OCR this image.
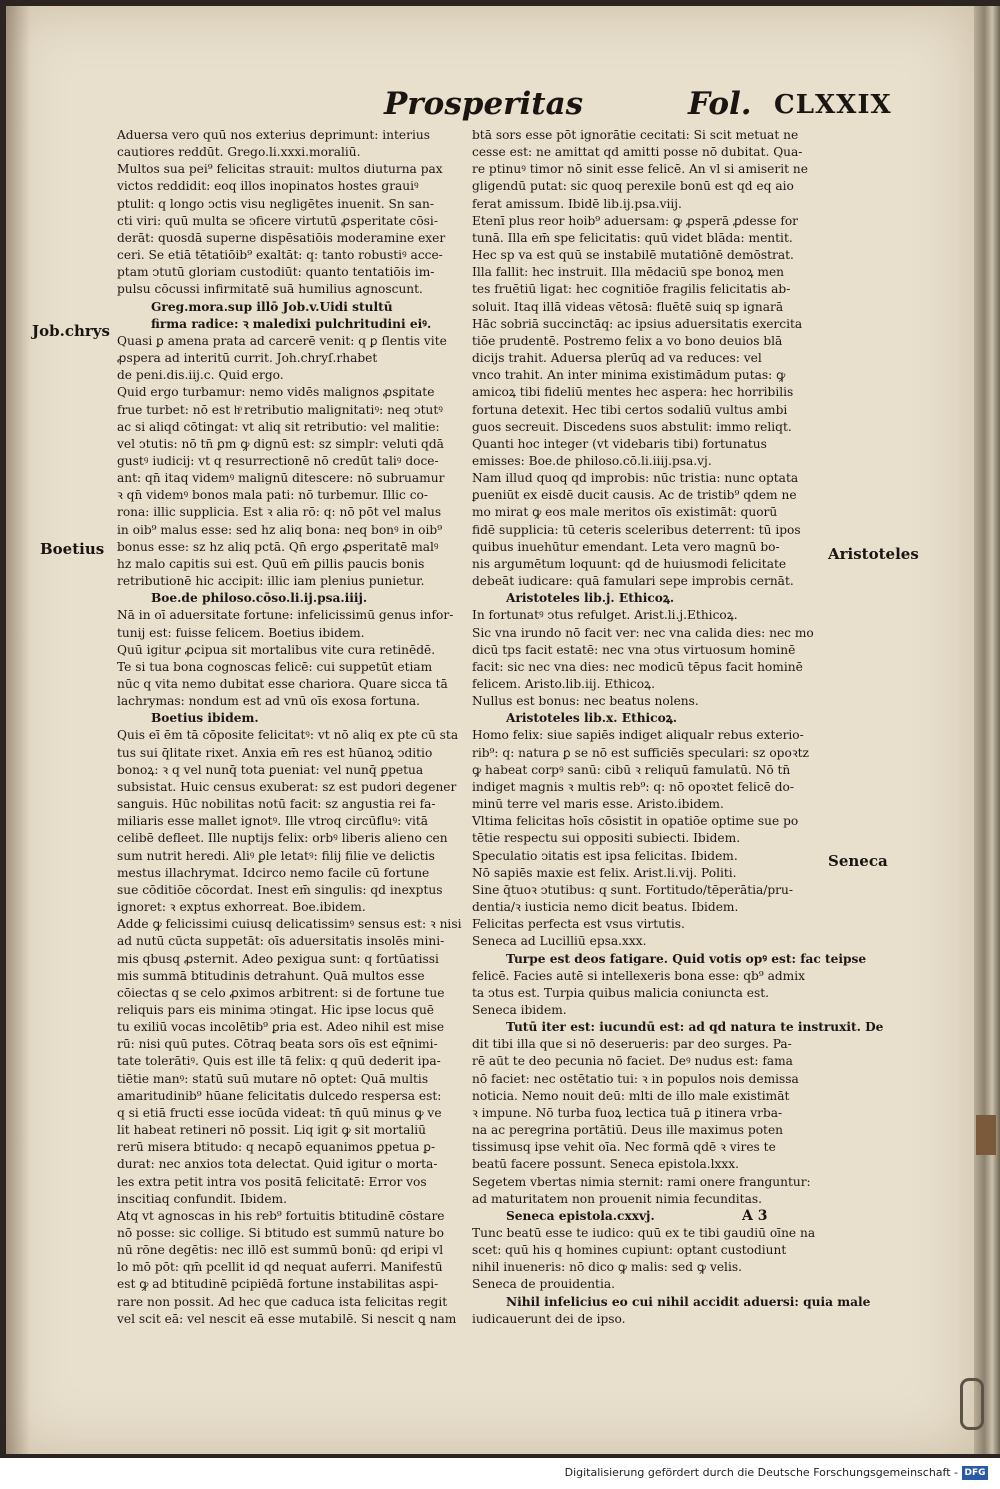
Prosperitas	Fol. CLXXIX
Job.chrys
Boetius	Aristoteles
Seneca
Aduersa vero quū nos exterius deprimunt: interius
cautiores reddūt. Grego.li.xxxi.moraliū.
Multos sua pei⁹ felicitas strauit: multos diuturna pax
victos reddidit: eoq illos inopinatos hostes grauiꝰ
ptulit: q longo ↄctis visu negligētes inuenit. Sn san-
cti viri: quū multa se ↄficere virtutū ꝓsperitate cōsi-
derāt: quosdā superne dispēsatiōis moderamine exer
ceri. Se etiā tētatiōib⁹ exaltāt: q: tanto robustiꝰ acce-
ptam ↄtutū gloriam custodiūt: quanto tentatiōis im-
pulsu cōcussi infirmitatē suā humilius agnoscunt.
Greg.mora.sup illō Job.v.Uidi stultū
firma radice: ꝛ maledixi pulchritudini eiꝰ.
Quasi ꝑ amena prata ad carcerē venit: q ꝑ ſlentis vite
ꝓspera ad interitū currit. Joh.chryſ.rhabet
de peni.dis.iij.c. Quid ergo.
Quid ergo turbamur: nemo vidēs malignos ꝓsꝑitate
frue turbet: nō est hͦ retributio malignitatiꝰ: neq ↄtutꝰ
ac si aliqd cōtingat: vt aliq sit retributio: vel malitie:
vel ↄtutis: nō tn̄ ꝑm ꝙ dignū est: sz simplr: veluti qdā
gustꝰ iudicij: vt q resurrectionē nō credūt taliꝰ doce-
ant: qn̄ itaq videmꝰ malignū ditescere: nō subruamur
ꝛ qn̄ videmꝰ bonos mala pati: nō turbemur. Illic co-
rona: illic supplicia. Est ꝛ alia rō: q: nō pōt vel malus
in oib⁹ malus esse: sed hz aliq bona: neq bonꝰ in oib⁹
bonus esse: sz hz aliq pctā. Qn̄ ergo ꝓsperitatē malꝰ
hz malo capitis sui est. Quū em̄ ꝑillis paucis bonis
retributionē hic accipit: illic iam plenius punietur.
Boe.de philoso.cōso.li.ij.psa.iiij.
Nā in oī aduersitate fortune: infelicissimū genus infor-
tunij est: fuisse felicem. Boetius ibidem.
Quū igitur ꝓcipua sit mortalibus vite cura retinēdē.
Te si tua bona cognoscas felicē: cui suppetūt etiam
nūc q vita nemo dubitat esse chariora. Quare sicca tā
lachrymas: nondum est ad vnū oīs exosa fortuna.
Boetius ibidem.
Quis eī ēm tā cōposite felicitatꝰ: vt nō aliq ex pte cū sta
tus sui q̄litate rixet. Anxia em̄ res est hūanoꝝ ↄditio
bonoꝝ: ꝛ q vel nunq̄ tota ꝑueniat: vel nunq̄ ꝑpetua
subsistat. Huic census exuberat: sz est pudori degener
sanguis. Hūc nobilitas notū facit: sz angustia rei fa-
miliaris esse mallet ignotꝰ. Ille vtroq circūfluꝰ: vitā
celibē defleet. Ille nuptijs felix: orbꝰ liberis alieno cen
sum nutrit heredi. Aliꝰ ꝑle letatꝰ: filij filie ve delictis
mestus illachrymat. Idcirco nemo facile cū fortune
sue cōditiōe cōcordat. Inest em̄ singulis: qd inexptus
ignoret: ꝛ exptus exhorreat. Boe.ibidem.
Adde ꝙ felicissimi cuiusq delicatissimꝰ sensus est: ꝛ nisi
ad nutū cūcta suppetāt: oīs aduersitatis insolēs mini-
mis qbusq ꝓsternit. Adeo ꝑexigua sunt: q fortūatissi
mis summā btitudinis detrahunt. Quā multos esse
cōiectas q se celo ꝓximos arbitrent: si de fortune tue
reliquis pars eis minima ↄtingat. Hic ipse locus quē
tu exiliū vocas incolētib⁹ ꝑria est. Adeo nihil est mise
rū: nisi quū putes. Cōtraq beata sors oīs est eq̄nimi-
tate tolerātiꝰ. Quis est ille tā felix: q quū dederit ipa-
tiētie manꝰ: statū suū mutare nō optet: Quā multis
amaritudinib⁹ hūane felicitatis dulcedo respersa est:
q si etiā fructi esse iocūda videat: tn̄ quū minus ꝙ ve
lit habeat retineri nō possit. Liq igit ꝙ sit mortaliū
rerū misera btitudo: q necapō equanimos ꝑpetua ꝑ-
durat: nec anxios tota delectat. Quid igitur o morta-
les extra petit intra vos positā felicitatē: Error vos
inscitiaq confundit. Ibidem.
Atq vt agnoscas in his reb⁹ fortuitis btitudinē cōstare
nō posse: sic collige. Si btitudo est summū nature bo
nū rōne degētis: nec illō est summū bonū: qd eripi vl
lo mō pōt: qm̄ pcellit id qd nequat auferri. Manifestū
est ꝙ ad btitudinē pcipiēdā fortune instabilitas aspi-
rare non possit. Ad hec que caduca ista felicitas regit
vel scit eā: vel nescit eā esse mutabilē. Si nescit ꝗ nam
btā sors esse pōt ignorātie cecitati: Si scit metuat ne
cesse est: ne amittat qd amitti posse nō dubitat. Qua-
re ptinuꝰ timor nō sinit esse felicē. An vl si amiserit ne
gligendū putat: sic quoq perexile bonū est qd eq aio
ferat amissum. Ibidē lib.ij.psa.viij.
Etenī plus reor hoib⁹ aduersam: ꝙ ꝓsperā ꝓdesse for
tunā. Illa em̄ spe felicitatis: quū videt blāda: mentit.
Hec sp va est quū se instabilē mutatiōnē demōstrat.
Illa fallit: hec instruit. Illa mēdaciū spe bonoꝝ men
tes fruētiū ligat: hec cognitiōe fragilis felicitatis ab-
soluit. Itaq illā videas vētosā: fluētē suiq sp ignarā
Hāc sobriā succinctāq: ac ipsius aduersitatis exercita
tiōe prudentē. Postremo felix a vo bono deuios blā
dicijs trahit. Aduersa plerūq ad va reduces: vel
vnco trahit. An inter minima existimādum putas: ꝙ
amicoꝝ tibi fideliū mentes hec aspera: hec horribilis
fortuna detexit. Hec tibi certos sodaliū vultus ambi
guos secreuit. Discedens suos abstulit: immo reliqt.
Quanti hoc integer (vt videbaris tibi) fortunatus
emisses: Boe.de philoso.cō.li.iiij.psa.vj.
Nam illud quoq qd improbis: nūc tristia: nunc optata
ꝑueniūt ex eisdē ducit causis. Ac de tristib⁹ qdem ne
mo mirat ꝙ eos male meritos oīs existimāt: quorū
fidē supplicia: tū ceteris sceleribus deterrent: tū ipos
quibus inuehūtur emendant. Leta vero magnū bo-
nis argumētum loquunt: qd de huiusmodi felicitate
debeāt iudicare: quā famulari sepe improbis cernāt.
Aristoteles lib.j. Ethicoꝝ.
In fortunatꝰ ↄtus refulget. Arist.li.j.Ethicoꝝ.
Sic vna irundo nō facit ver: nec vna calida dies: nec mo
dicū tps facit estatē: nec vna ↄtus virtuosum hominē
facit: sic nec vna dies: nec modicū tēpus facit hominē
felicem. Aristo.lib.iij. Ethicoꝝ.
Nullus est bonus: nec beatus nolens.
Aristoteles lib.x. Ethicoꝝ.
Homo felix: siue sapiēs indiget aliqualr rebus exterio-
rib⁹: q: natura ꝑ se nō est sufficiēs speculari: sz opoꝛtz
ꝙ habeat corpꝰ sanū: cibū ꝛ reliquū famulatū. Nō tn̄
indiget magnis ꝛ multis reb⁹: q: nō opoꝛtet felicē do-
minū terre vel maris esse. Aristo.ibidem.
Vltima felicitas hoīs cōsistit in opatiōe optime sue po
tētie respectu sui oppositi subiecti. Ibidem.
Speculatio ↄitatis est ipsa felicitas. Ibidem.
Nō sapiēs maxie est felix. Arist.li.vij. Politi.
Sine q̄tuoꝛ ↄtutibus: q sunt. Fortitudo/tēperātia/pru-
dentia/ꝛ iusticia nemo dicit beatus. Ibidem.
Felicitas perfecta est vsus virtutis.
Seneca ad Lucilliū epsa.xxx.
Turpe est deos fatigare. Quid votis opꝰ est: fac teipse
felicē. Facies autē si intellexeris bona esse: qb⁹ admix
ta ↄtus est. Turpia quibus malicia coniuncta est.
Seneca ibidem.
Tutū iter est: iucundū est: ad qd natura te instruxit. De
dit tibi illa que si nō deserueris: par deo surges. Pa-
rē aūt te deo pecunia nō faciet. Deꝰ nudus est: fama
nō faciet: nec ostētatio tui: ꝛ in populos nois demissa
noticia. Nemo nouit deū: mlti de illo male existimāt
ꝛ impune. Nō turba fuoꝝ lectica tuā ꝑ itinera vrba-
na ac peregrina portātiū. Deus ille maximus poten
tissimusq ipse vehit oīa. Nec formā qdē ꝛ vires te
beatū facere possunt. Seneca epistola.lxxx.
Segetem vbertas nimia sternit: rami onere franguntur:
ad maturitatem non prouenit nimia fecunditas.
Seneca epistola.cxxvj.
Tunc beatū esse te iudico: quū ex te tibi gaudiū oīne na
scet: quū his q homines cupiunt: optant custodiunt
nihil inueneris: nō dico ꝙ malis: sed ꝙ velis.
Seneca de prouidentia.
Nihil infelicius eo cui nihil accidit aduersi: quia male
iudicauerunt dei de ipso.
A 3
Digitalisierung gefördert durch die Deutsche Forschungsgemeinschaft - DFG
